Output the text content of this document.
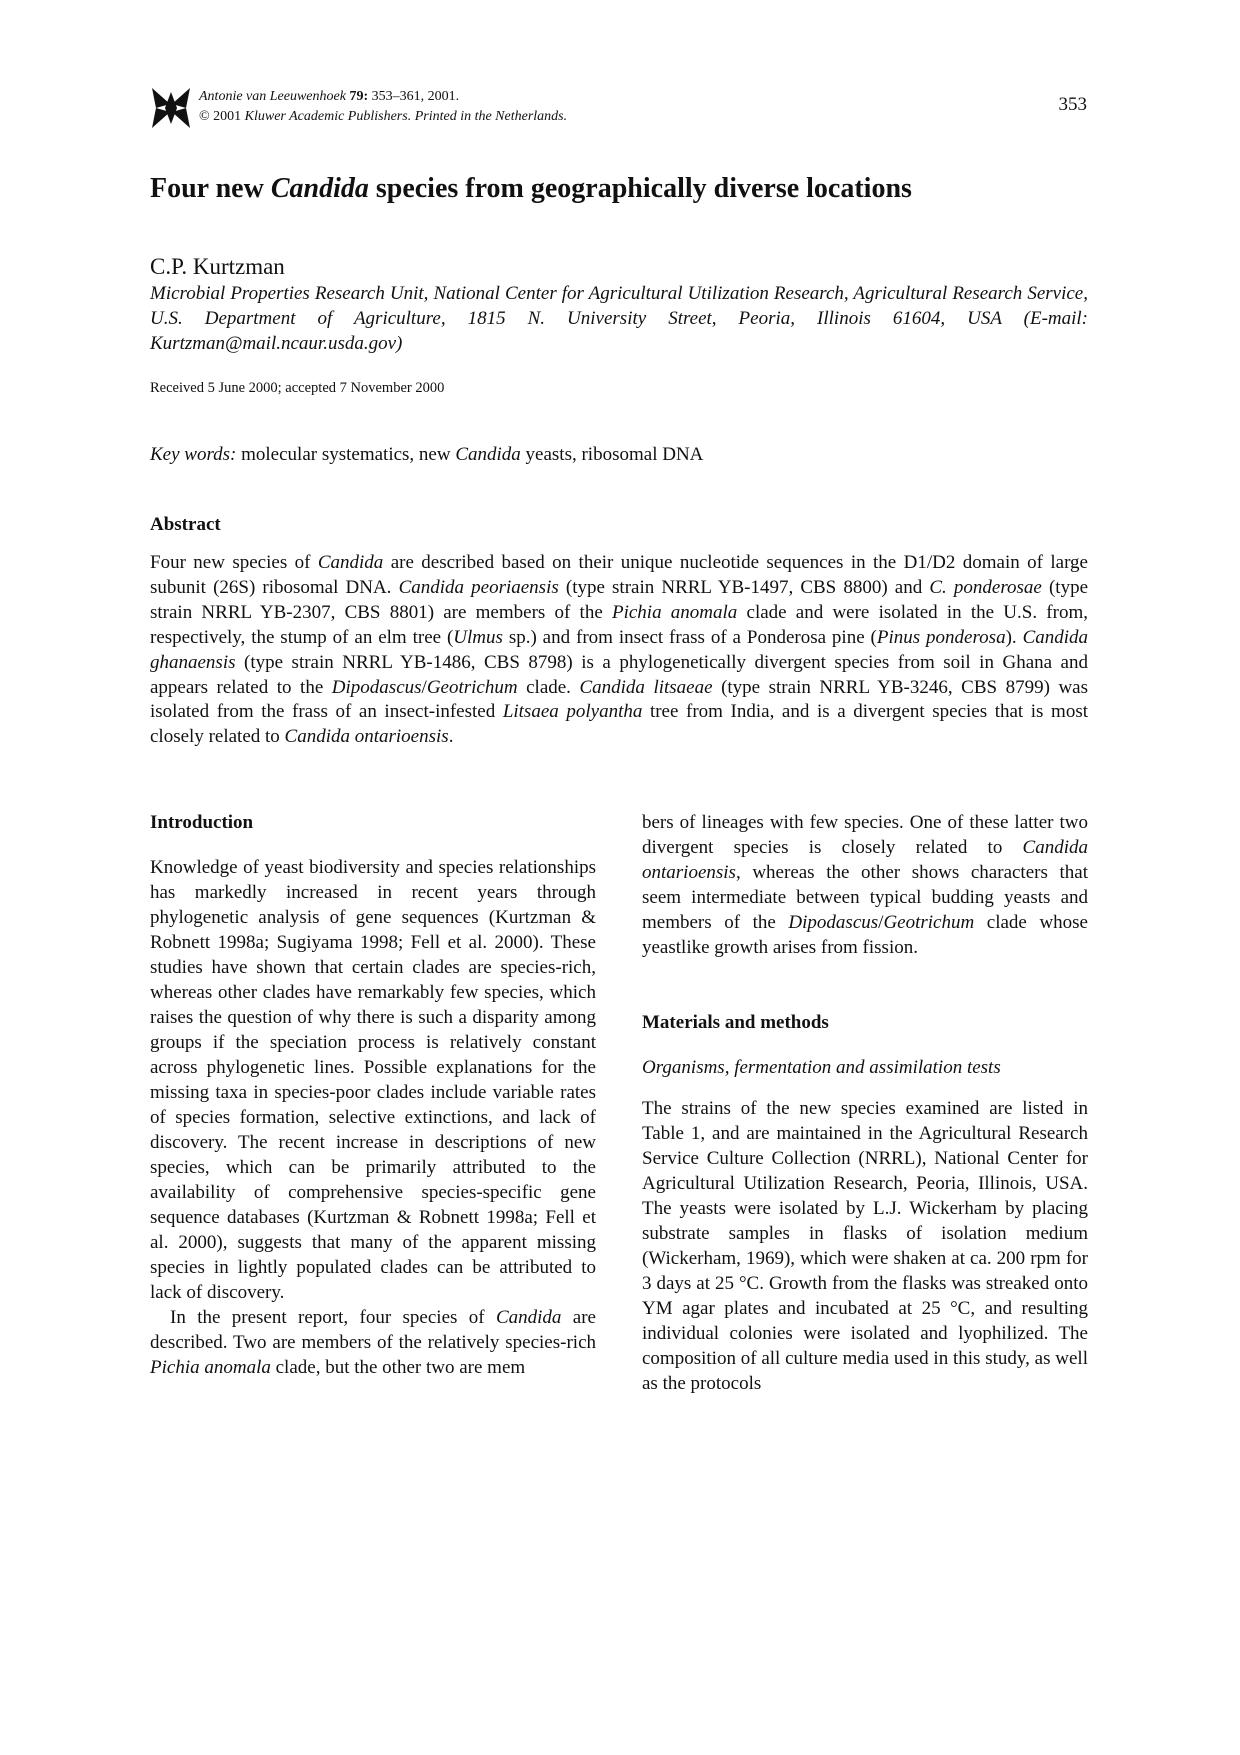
Antonie van Leeuwenhoek 79: 353–361, 2001.
© 2001 Kluwer Academic Publishers. Printed in the Netherlands.
353
Four new Candida species from geographically diverse locations
C.P. Kurtzman
Microbial Properties Research Unit, National Center for Agricultural Utilization Research, Agricultural Research Service, U.S. Department of Agriculture, 1815 N. University Street, Peoria, Illinois 61604, USA (E-mail: Kurtzman@mail.ncaur.usda.gov)
Received 5 June 2000; accepted 7 November 2000
Key words: molecular systematics, new Candida yeasts, ribosomal DNA
Abstract

Four new species of Candida are described based on their unique nucleotide sequences in the D1/D2 domain of large subunit (26S) ribosomal DNA. Candida peoriaensis (type strain NRRL YB-1497, CBS 8800) and C. ponderosae (type strain NRRL YB-2307, CBS 8801) are members of the Pichia anomala clade and were isolated in the U.S. from, respectively, the stump of an elm tree (Ulmus sp.) and from insect frass of a Ponderosa pine (Pinus ponderosa). Candida ghanaensis (type strain NRRL YB-1486, CBS 8798) is a phylogenetically divergent species from soil in Ghana and appears related to the Dipodascus/Geotrichum clade. Candida litsaeae (type strain NRRL YB-3246, CBS 8799) was isolated from the frass of an insect-infested Litsaea polyantha tree from India, and is a divergent species that is most closely related to Candida ontarioensis.

Introduction

Knowledge of yeast biodiversity and species relationships has markedly increased in recent years through phylogenetic analysis of gene sequences (Kurtzman & Robnett 1998a; Sugiyama 1998; Fell et al. 2000). These studies have shown that certain clades are species-rich, whereas other clades have remarkably few species, which raises the question of why there is such a disparity among groups if the speciation process is relatively constant across phylogenetic lines. Possible explanations for the missing taxa in species-poor clades include variable rates of species formation, selective extinctions, and lack of discovery. The recent increase in descriptions of new species, which can be primarily attributed to the availability of comprehensive species-specific gene sequence databases (Kurtzman & Robnett 1998a; Fell et al. 2000), suggests that many of the apparent missing species in lightly populated clades can be attributed to lack of discovery.

In the present report, four species of Candida are described. Two are members of the relatively species-rich Pichia anomala clade, but the other two are mem

bers of lineages with few species. One of these latter two divergent species is closely related to Candida ontarioensis, whereas the other shows characters that seem intermediate between typical budding yeasts and members of the Dipodascus/Geotrichum clade whose yeastlike growth arises from fission.

Materials and methods

Organisms, fermentation and assimilation tests

The strains of the new species examined are listed in Table 1, and are maintained in the Agricultural Research Service Culture Collection (NRRL), National Center for Agricultural Utilization Research, Peoria, Illinois, USA. The yeasts were isolated by L.J. Wickerham by placing substrate samples in flasks of isolation medium (Wickerham, 1969), which were shaken at ca. 200 rpm for 3 days at 25 °C. Growth from the flasks was streaked onto YM agar plates and incubated at 25 °C, and resulting individual colonies were isolated and lyophilized. The composition of all culture media used in this study, as well as the protocols
